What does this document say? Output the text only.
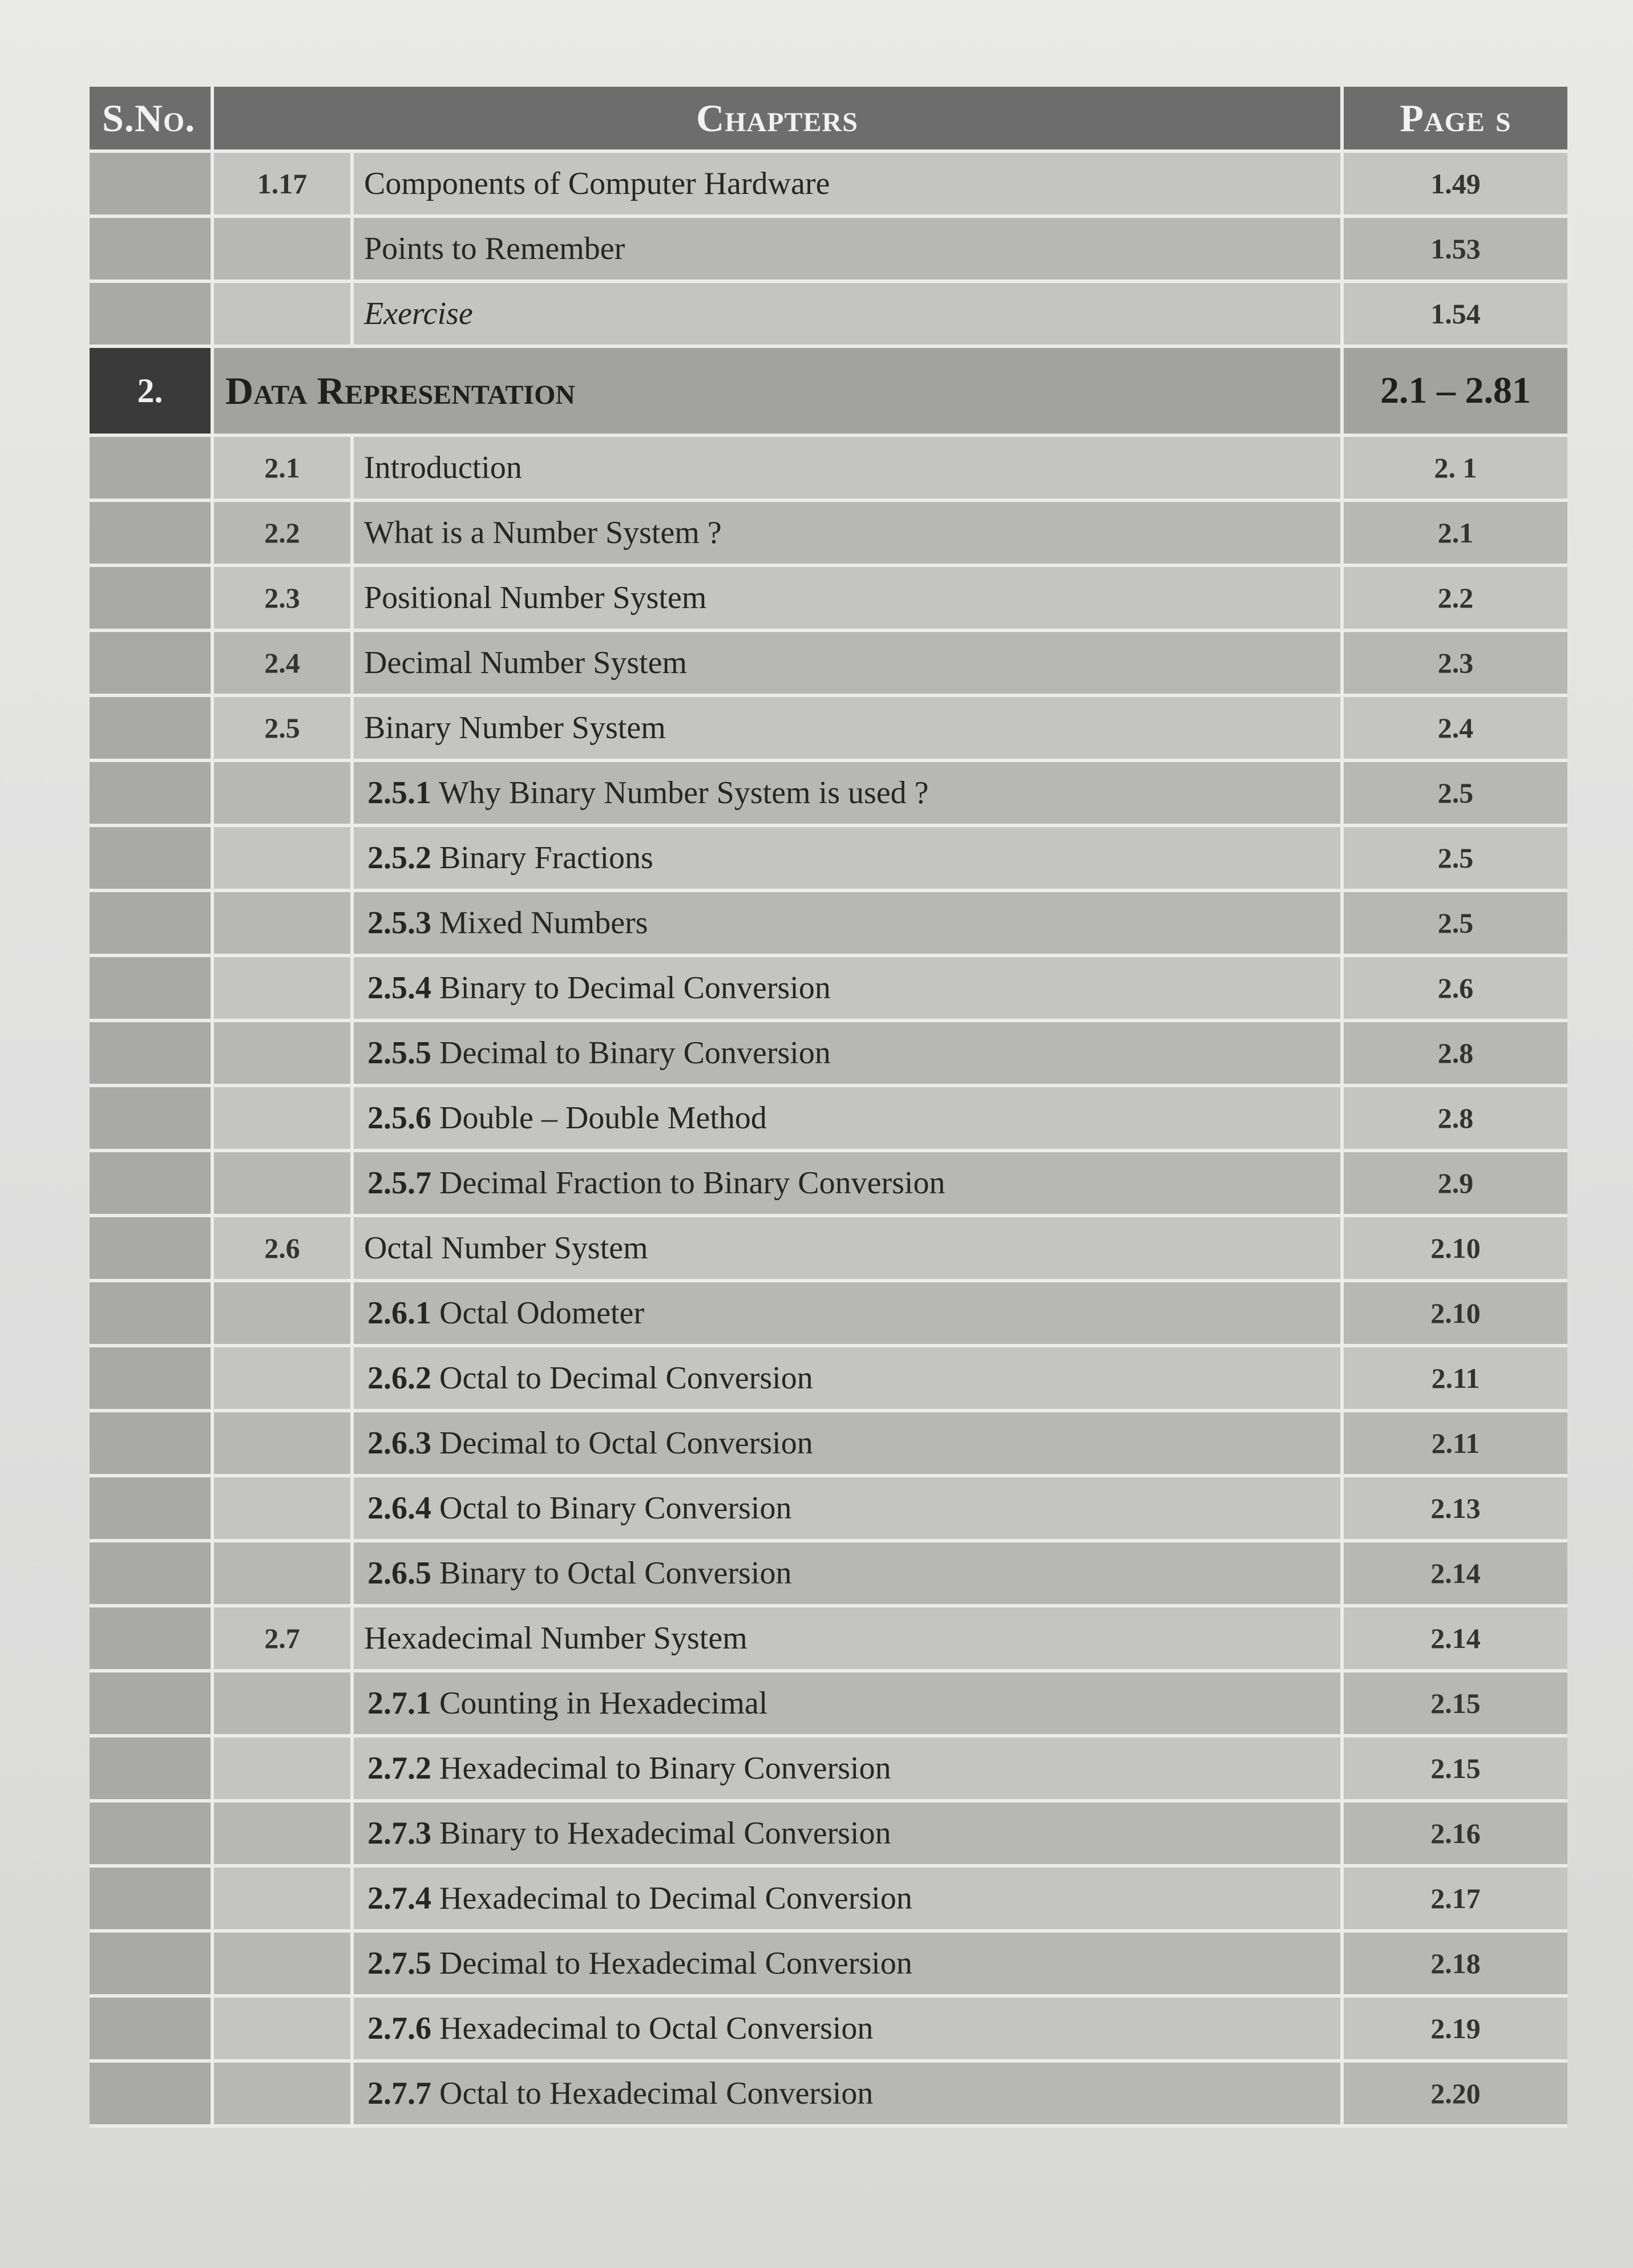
S.No.	Chapters		Page s
	1.17	Components of Computer Hardware	1.49
		Points to Remember	1.53
		Exercise	1.54
2.	Data Representation		2.1 – 2.81
	2.1	Introduction	2. 1
	2.2	What is a Number System ?	2.1
	2.3	Positional Number System	2.2
	2.4	Decimal Number System	2.3
	2.5	Binary Number System	2.4
		2.5.1 Why Binary Number System is used ?	2.5
		2.5.2 Binary Fractions	2.5
		2.5.3 Mixed Numbers	2.5
		2.5.4 Binary to Decimal Conversion	2.6
		2.5.5 Decimal to Binary Conversion	2.8
		2.5.6 Double – Double Method	2.8
		2.5.7 Decimal Fraction to Binary Conversion	2.9
	2.6	Octal Number System	2.10
		2.6.1 Octal Odometer	2.10
		2.6.2 Octal to Decimal Conversion	2.11
		2.6.3 Decimal to Octal Conversion	2.11
		2.6.4 Octal to Binary Conversion	2.13
		2.6.5 Binary to Octal Conversion	2.14
	2.7	Hexadecimal Number System	2.14
		2.7.1 Counting in Hexadecimal	2.15
		2.7.2 Hexadecimal to Binary Conversion	2.15
		2.7.3 Binary to Hexadecimal Conversion	2.16
		2.7.4 Hexadecimal to Decimal Conversion	2.17
		2.7.5 Decimal to Hexadecimal Conversion	2.18
		2.7.6 Hexadecimal to Octal Conversion	2.19
		2.7.7 Octal to Hexadecimal Conversion	2.20
